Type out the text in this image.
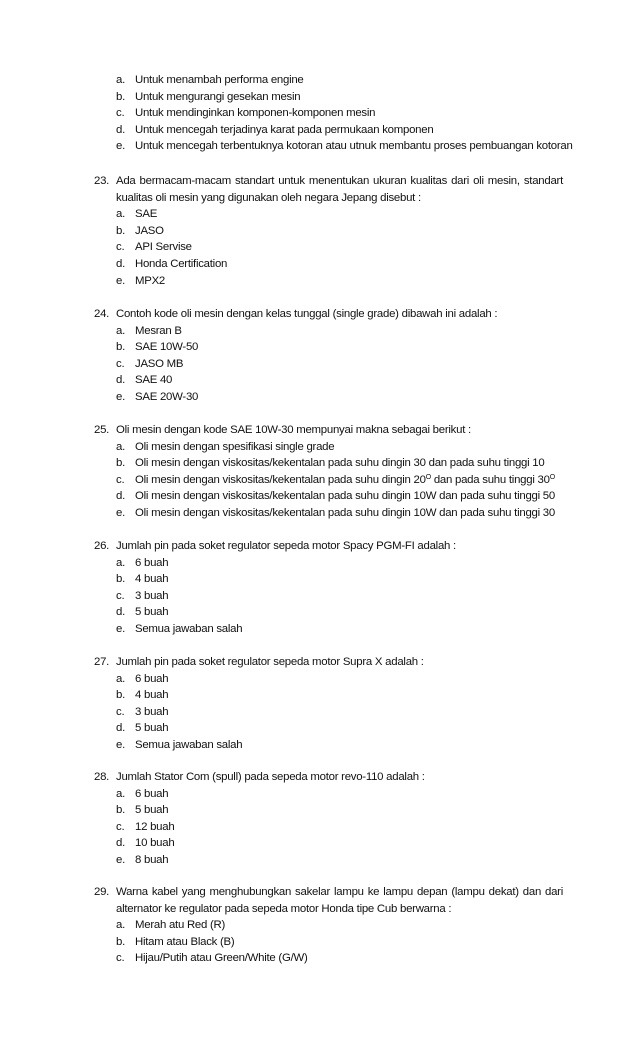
a. Untuk menambah performa engine
b. Untuk mengurangi gesekan mesin
c. Untuk mendinginkan komponen-komponen mesin
d. Untuk mencegah terjadinya karat pada permukaan komponen
e. Untuk mencegah terbentuknya kotoran atau utnuk membantu proses pembuangan kotoran
23. Ada bermacam-macam standart untuk menentukan ukuran kualitas dari oli mesin, standart kualitas oli mesin yang digunakan oleh negara Jepang disebut :
a. SAE
b. JASO
c. API Servise
d. Honda Certification
e. MPX2
24. Contoh kode oli mesin dengan kelas tunggal (single grade) dibawah ini adalah :
a. Mesran B
b. SAE 10W-50
c. JASO MB
d. SAE 40
e. SAE 20W-30
25. Oli mesin dengan kode SAE 10W-30 mempunyai makna sebagai berikut :
a. Oli mesin dengan spesifikasi single grade
b. Oli mesin dengan viskositas/kekentalan pada suhu dingin 30 dan pada suhu tinggi 10
c. Oli mesin dengan viskositas/kekentalan pada suhu dingin $20^O$ dan pada suhu tinggi $30^O$
d. Oli mesin dengan viskositas/kekentalan pada suhu dingin 10W dan pada suhu tinggi 50
e. Oli mesin dengan viskositas/kekentalan pada suhu dingin 10W dan pada suhu tinggi 30
26. Jumlah pin pada soket regulator sepeda motor Spacy PGM-FI adalah :
a. 6 buah
b. 4 buah
c. 3 buah
d. 5 buah
e. Semua jawaban salah
27. Jumlah pin pada soket regulator sepeda motor Supra X adalah :
a. 6 buah
b. 4 buah
c. 3 buah
d. 5 buah
e. Semua jawaban salah
28. Jumlah Stator Com (spull) pada sepeda motor revo-110 adalah :
a. 6 buah
b. 5 buah
c. 12 buah
d. 10 buah
e. 8 buah
29. Warna kabel yang menghubungkan sakelar lampu ke lampu depan (lampu dekat) dan dari alternator ke regulator pada sepeda motor Honda tipe Cub berwarna :
a. Merah atu Red (R)
b. Hitam atau Black (B)
c. Hijau/Putih atau Green/White (G/W)
